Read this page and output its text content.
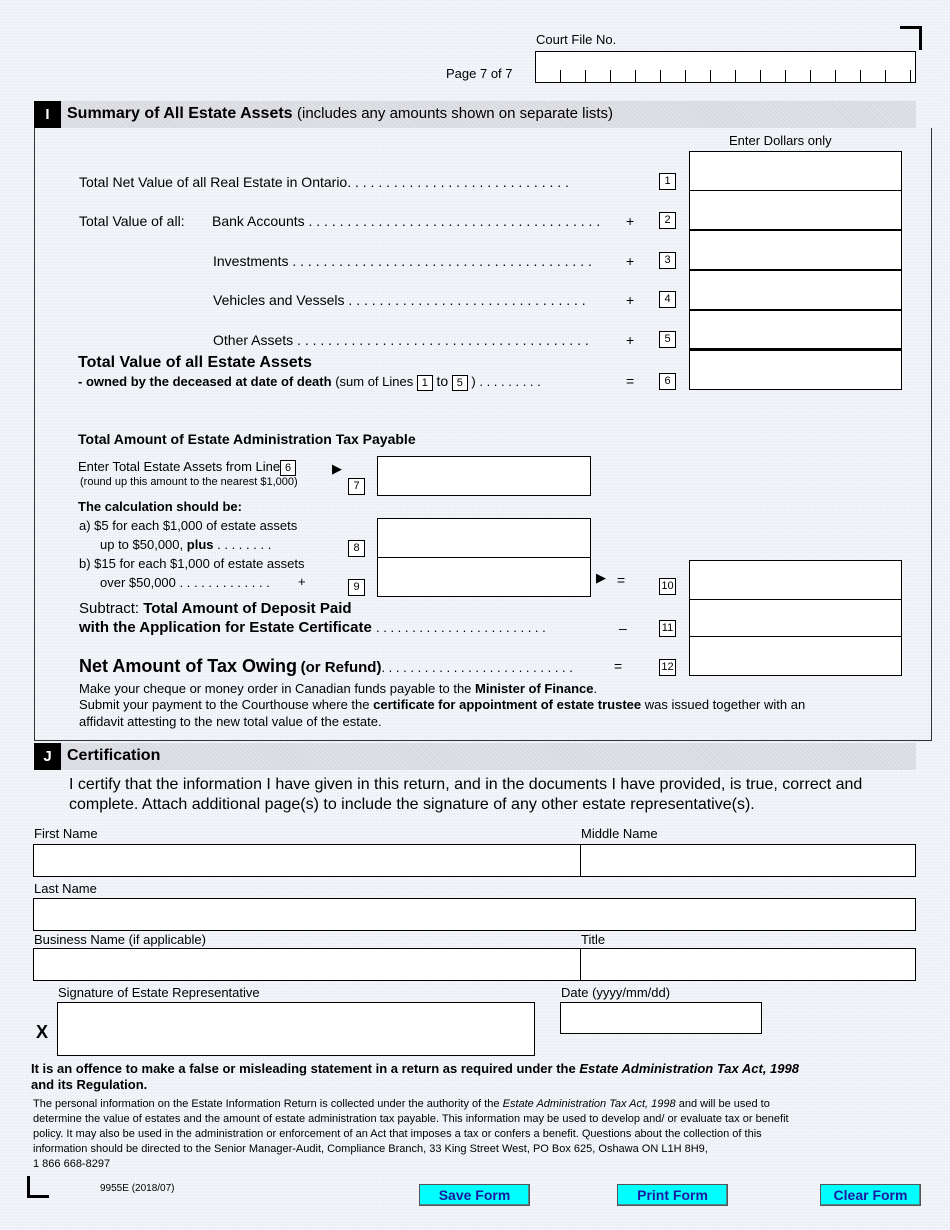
Court File No.
Page 7 of 7
I	Summary of All Estate Assets (includes any amounts shown on separate lists)
Enter Dollars only
Total Net Value of all Real Estate in Ontario. . . . . . . . . . . . . . . . . . . . . . . . . . . . .	1
Total Value of all: Bank Accounts . . . . . . . . . . . . . . . . . . . . . . . . . . . . . . . . . . . . . . +	2
Investments . . . . . . . . . . . . . . . . . . . . . . . . . . . . . . . . . . . . . . . +	3
Vehicles and Vessels . . . . . . . . . . . . . . . . . . . . . . . . . . . . . . .	+	4
Other Assets . . . . . . . . . . . . . . . . . . . . . . . . . . . . . . . . . . . . . .	+	5
Total Value of all Estate Assets
- owned by the deceased at date of death (sum of Lines 1 to 5 ) . . . . . . . . .	=	6
Total Amount of Estate Administration Tax Payable
Enter Total Estate Assets from Line 6
(round up this amount to the nearest $1,000)
▶
7
The calculation should be:
a) $5 for each $1,000 of estate assets
up to $50,000, plus . . . . . . . .	8
b) $15 for each $1,000 of estate assets
over $50,000 . . . . . . . . . . . . . +	9
▶ =	10
Subtract: Total Amount of Deposit Paid
with the Application for Estate Certificate . . . . . . . . . . . . . . . . . . . . . . . .	–	11
Net Amount of Tax Owing (or Refund). . . . . . . . . . . . . . . . . . . . . . . . . . .	=	12
Make your cheque or money order in Canadian funds payable to the Minister of Finance.
Submit your payment to the Courthouse where the certificate for appointment of estate trustee was issued together with an
affidavit attesting to the new total value of the estate.
J Certification
I certify that the information I have given in this return, and in the documents I have provided, is true, correct and
complete. Attach additional page(s) to include the signature of any other estate representative(s).
First Name	Middle Name
Last Name
Business Name (if applicable)	Title
Signature of Estate Representative	Date (yyyy/mm/dd)
X
It is an offence to make a false or misleading statement in a return as required under the Estate Administration Tax Act, 1998
and its Regulation.
The personal information on the Estate Information Return is collected under the authority of the Estate Administration Tax Act, 1998 and will be used to
determine the value of estates and the amount of estate administration tax payable. This information may be used to develop and/ or evaluate tax or benefit
policy. It may also be used in the administration or enforcement of an Act that imposes a tax or confers a benefit. Questions about the collection of this
information should be directed to the Senior Manager-Audit, Compliance Branch, 33 King Street West, PO Box 625, Oshawa ON L1H 8H9,
1 866 668-8297
9955E (2018/07)	Save Form	Print Form	Clear Form
